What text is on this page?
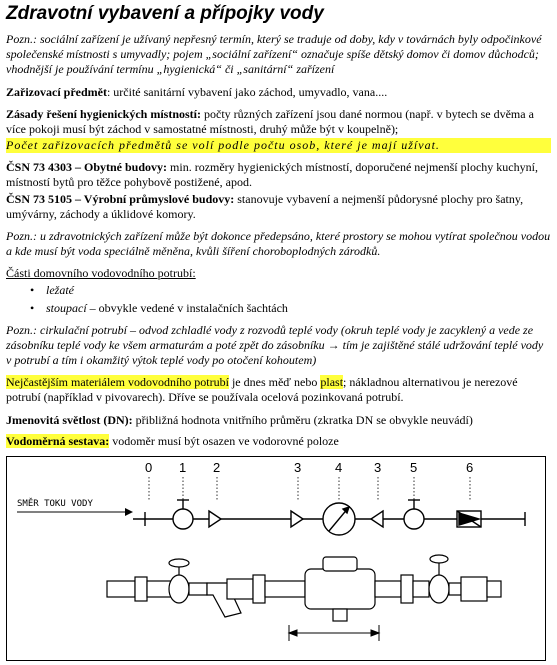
Zdravotní vybavení a přípojky vody
Pozn.: sociální zařízení je užívaný nepřesný termín, který se traduje od doby, kdy v továrnách byly odpočinkové společenské místnosti s umyvadly; pojem „sociální zařízení“ označuje spíše dětský domov či domov důchodců; vhodnější je používání termínu „hygienická“ či „sanitární“ zařízení
Zařizovací předmět: určité sanitární vybavení jako záchod, umyvadlo, vana....
Zásady řešení hygienických místností: počty různých zařízení jsou dané normou (např. v bytech se dvěma a více pokoji musí být záchod v samostatné místnosti, druhý může být v koupelně);
Počet zařizovacích předmětů se volí podle počtu osob, které je mají užívat.
ČSN 73 4303 – Obytné budovy: min. rozměry hygienických místností, doporučené nejmenší plochy kuchyní, místností bytů pro těžce pohybově postižené, apod.
ČSN 73 5105 – Výrobní průmyslové budovy: stanovuje vybavení a nejmenší půdorysné plochy pro šatny, umývárny, záchody a úklidové komory.
Pozn.: u zdravotnických zařízení může být dokonce předepsáno, které prostory se mohou vytírat společnou vodou a kde musí být voda speciálně měněna, kvůli šíření choroboplodných zárodků.
Části domovního vodovodního potrubí:
• ležaté
• stoupací – obvykle vedené v instalačních šachtách
Pozn.: cirkulační potrubí – odvod zchladlé vody z rozvodů teplé vody (okruh teplé vody je zacyklený a vede ze zásobníku teplé vody ke všem armaturám a poté zpět do zásobníku → tím je zajištěné stálé udržování teplé vody v potrubí a tím i okamžitý výtok teplé vody po otočení kohoutem)
Nejčastějším materiálem vodovodního potrubí je dnes měď nebo plast; nákladnou alternativou je nerezové potrubí (například v pivovarech). Dříve se používala ocelová pozinkovaná potrubí.
Jmenovitá světlost (DN): přibližná hodnota vnitřního průměru (zkratka DN se obvykle neuvádí)
Vodoměrná sestava: vodoměr musí být osazen ve vodorovné poloze
0 1 2	3	4 3 5	6
SMĚR TOKU VODY
